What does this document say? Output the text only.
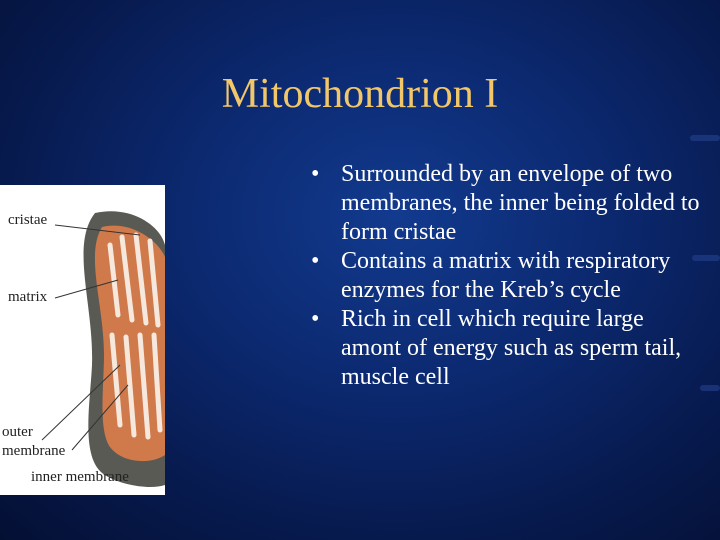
Mitochondrion I
• Surrounded by an envelope of two membranes, the inner being folded to form cristae
• Contains a matrix with respiratory enzymes for the Kreb’s cycle
• Rich in cell which require large amont of energy such as sperm tail, muscle cell
cristae
matrix
outer
membrane
inner membrane
